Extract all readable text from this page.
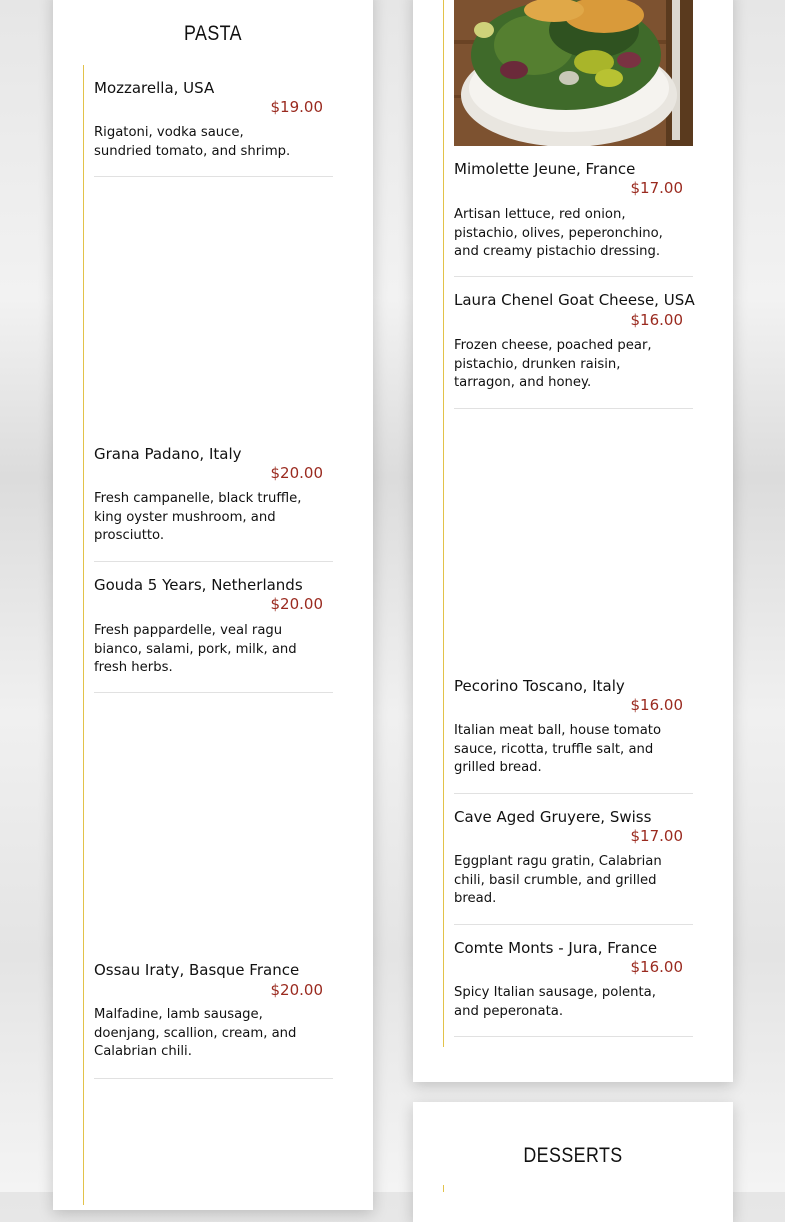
PASTA
Mozzarella, USA
$19.00
Rigatoni, vodka sauce, sundried tomato, and shrimp.
Grana Padano, Italy
$20.00
Fresh campanelle, black truffle, king oyster mushroom, and prosciutto.
Gouda 5 Years, Netherlands
$20.00
Fresh pappardelle, veal ragu bianco, salami, pork, milk, and fresh herbs.
Ossau Iraty, Basque France
$20.00
Malfadine, lamb sausage, doenjang, scallion, cream, and Calabrian chili.
Mimolette Jeune, France
$17.00
Artisan lettuce, red onion, pistachio, olives, peperonchino, and creamy pistachio dressing.
Laura Chenel Goat Cheese, USA
$16.00
Frozen cheese, poached pear, pistachio, drunken raisin, tarragon, and honey.
Pecorino Toscano, Italy
$16.00
Italian meat ball, house tomato sauce, ricotta, truffle salt, and grilled bread.
Cave Aged Gruyere, Swiss
$17.00
Eggplant ragu gratin, Calabrian chili, basil crumble, and grilled bread.
Comte Monts - Jura, France
$16.00
Spicy Italian sausage, polenta, and peperonata.
DESSERTS
